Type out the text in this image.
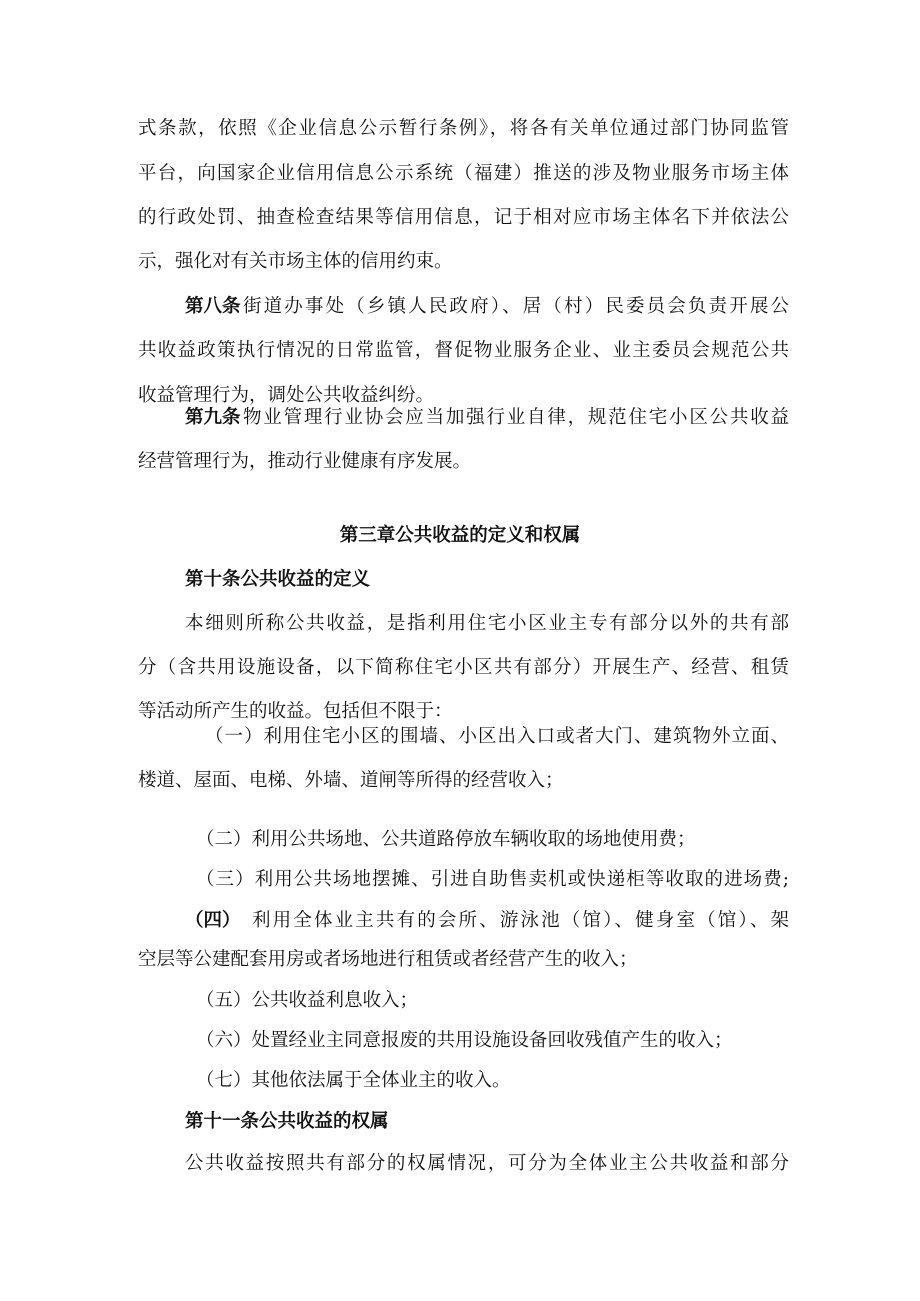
式条款，依照《企业信息公示暂行条例》，将各有关单位通过部门协同监管
平台，向国家企业信用信息公示系统（福建）推送的涉及物业服务市场主体
的行政处罚、抽查检查结果等信用信息，记于相对应市场主体名下并依法公
示，强化对有关市场主体的信用约束。
第八条 街道办事处（乡镇人民政府）、居（村）民委员会负责开展公
共收益政策执行情况的日常监管，督促物业服务企业、业主委员会规范公共
收益管理行为，调处公共收益纠纷。
第九条 物业管理行业协会应当加强行业自律，规范住宅小区公共收益
经营管理行为，推动行业健康有序发展。
第三章公共收益的定义和权属
第十条公共收益的定义
本细则所称公共收益，是指利用住宅小区业主专有部分以外的共有部
分（含共用设施设备，以下简称住宅小区共有部分）开展生产、经营、租赁
等活动所产生的收益。包括但不限于：
（一）利用住宅小区的围墙、小区出入口或者大门、建筑物外立面、
楼道、屋面、电梯、外墙、道闸等所得的经营收入；
（二）利用公共场地、公共道路停放车辆收取的场地使用费；
（三）利用公共场地摆摊、引进自助售卖机或快递柜等收取的进场费;
（四） 利用全体业主共有的会所、游泳池（馆）、健身室（馆）、架
空层等公建配套用房或者场地进行租赁或者经营产生的收入；
（五）公共收益利息收入；
（六）处置经业主同意报废的共用设施设备回收残值产生的收入；
（七）其他依法属于全体业主的收入。
第十一条公共收益的权属
公共收益按照共有部分的权属情况，可分为全体业主公共收益和部分
